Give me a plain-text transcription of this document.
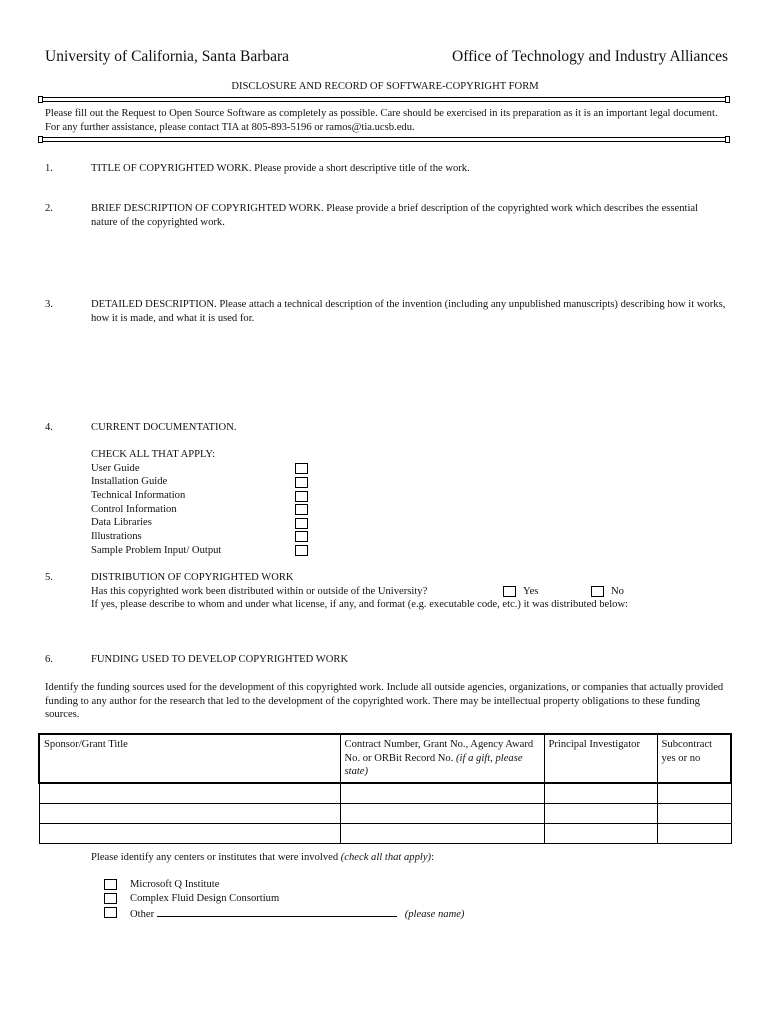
University of California, Santa Barbara	Office of Technology and Industry Alliances
DISCLOSURE AND RECORD OF SOFTWARE-COPYRIGHT FORM
Please fill out the Request to Open Source Software as completely as possible. Care should be exercised in its preparation as it is an important legal document. For any further assistance, please contact TIA at 805-893-5196 or ramos@tia.ucsb.edu.
1.	TITLE OF COPYRIGHTED WORK. Please provide a short descriptive title of the work.
2.	BRIEF DESCRIPTION OF COPYRIGHTED WORK. Please provide a brief description of the copyrighted work which describes the essential nature of the copyrighted work.
3.	DETAILED DESCRIPTION. Please attach a technical description of the invention (including any unpublished manuscripts) describing how it works, how it is made, and what it is used for.
4.	CURRENT DOCUMENTATION.
CHECK ALL THAT APPLY:
User Guide
Installation Guide
Technical Information
Control Information
Data Libraries
Illustrations
Sample Problem Input/ Output
5.	DISTRIBUTION OF COPYRIGHTED WORK
Has this copyrighted work been distributed within or outside of the University?	Yes	No
If yes, please describe to whom and under what license, if any, and format (e.g. executable code, etc.) it was distributed below:
6.	FUNDING USED TO DEVELOP COPYRIGHTED WORK
Identify the funding sources used for the development of this copyrighted work. Include all outside agencies, organizations, or companies that actually provided funding to any author for the research that led to the development of the copyrighted work. There may be intellectual property obligations to these funding sources.
Sponsor/Grant Title	Contract Number, Grant No., Agency Award No. or ORBit Record No. (if a gift, please state)	Principal Investigator	Subcontract yes or no

Please identify any centers or institutes that were involved (check all that apply):
Microsoft Q Institute
Complex Fluid Design Consortium
Other	(please name)
